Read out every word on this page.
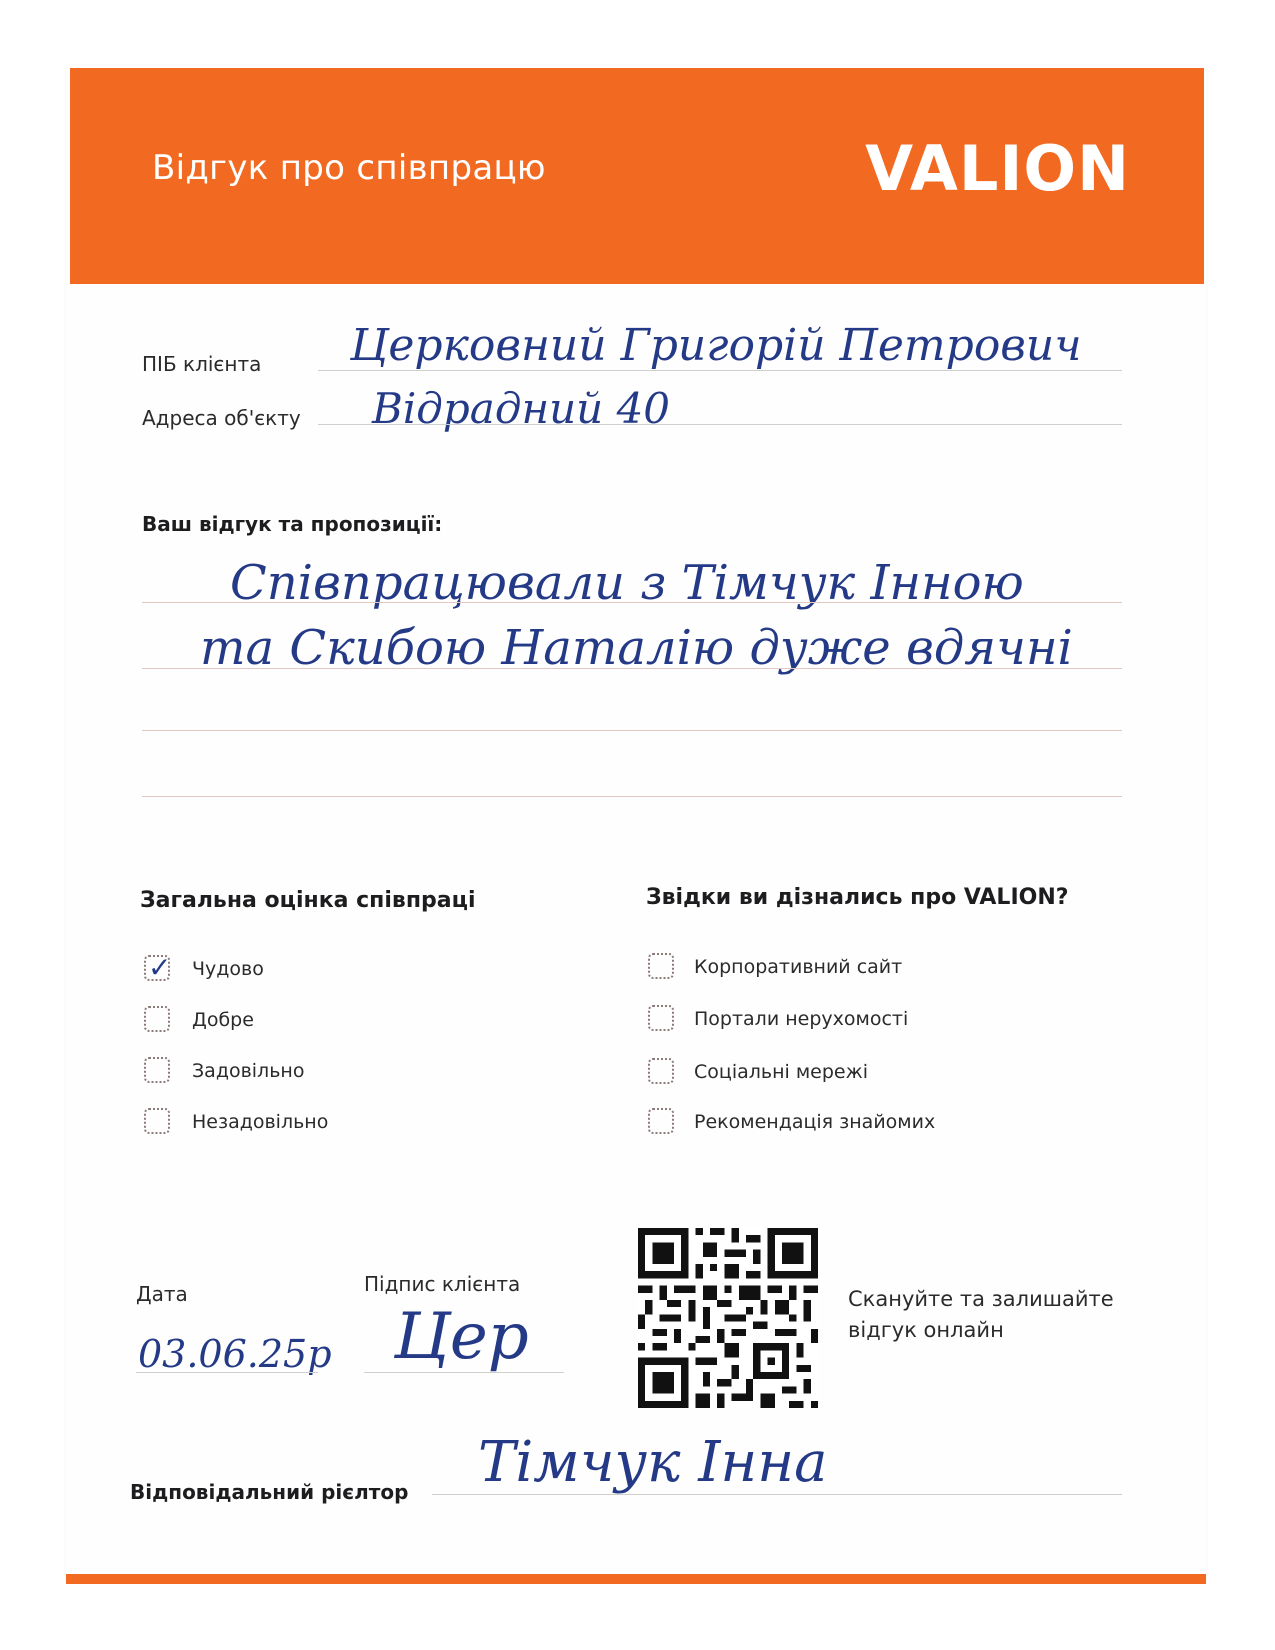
Відгук про співпрацю	VALION
ПІБ клієнта Церковний Григорій Петрович
Адреса об'єкту Відрадний 40
Ваш відгук та пропозиції:
Співпрацювали з Тімчук Інною
та Скибою Наталію дуже вдячні
Загальна оцінка співпраці
✓ Чудово
Добре
Задовільно
Незадовільно
Звідки ви дізнались про VALION?
Корпоративний сайт
Портали нерухомості
Соціальні мережі
Рекомендація знайомих
Дата
03.06.25р
Підпис клієнта
Цер
Скануйте та залишайте відгук онлайн
Відповідальний рієлтор Тімчук Інна
